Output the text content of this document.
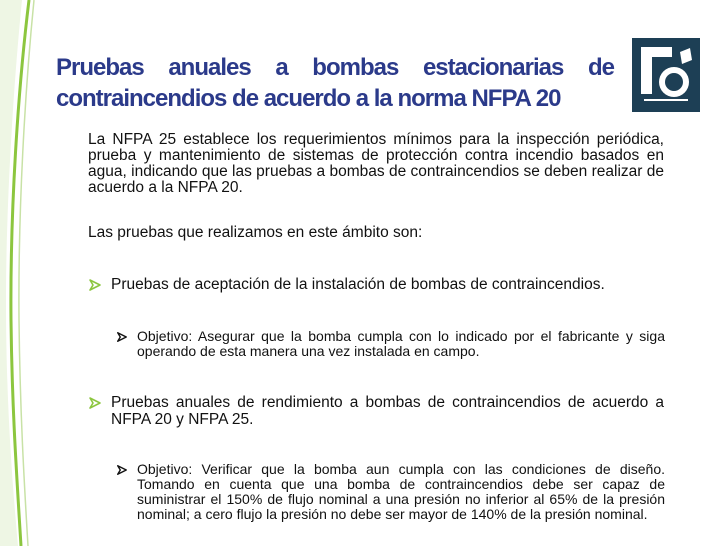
Pruebas anuales a bombas estacionarias de contraincendios de acuerdo a la norma NFPA 20

La NFPA 25 establece los requerimientos mínimos para la inspección periódica, prueba y mantenimiento de sistemas de protección contra incendio basados en agua, indicando que las pruebas a bombas de contraincendios se deben realizar de acuerdo a la NFPA 20.

Las pruebas que realizamos en este ámbito son:

Pruebas de aceptación de la instalación de bombas de contraincendios.
Objetivo: Asegurar que la bomba cumpla con lo indicado por el fabricante y siga operando de esta manera una vez instalada en campo.
Pruebas anuales de rendimiento a bombas de contraincendios de acuerdo a NFPA 20 y NFPA 25.
Objetivo: Verificar que la bomba aun cumpla con las condiciones de diseño. Tomando en cuenta que una bomba de contraincendios debe ser capaz de suministrar el 150% de flujo nominal a una presión no inferior al 65% de la presión nominal; a cero flujo la presión no debe ser mayor de 140% de la presión nominal.
